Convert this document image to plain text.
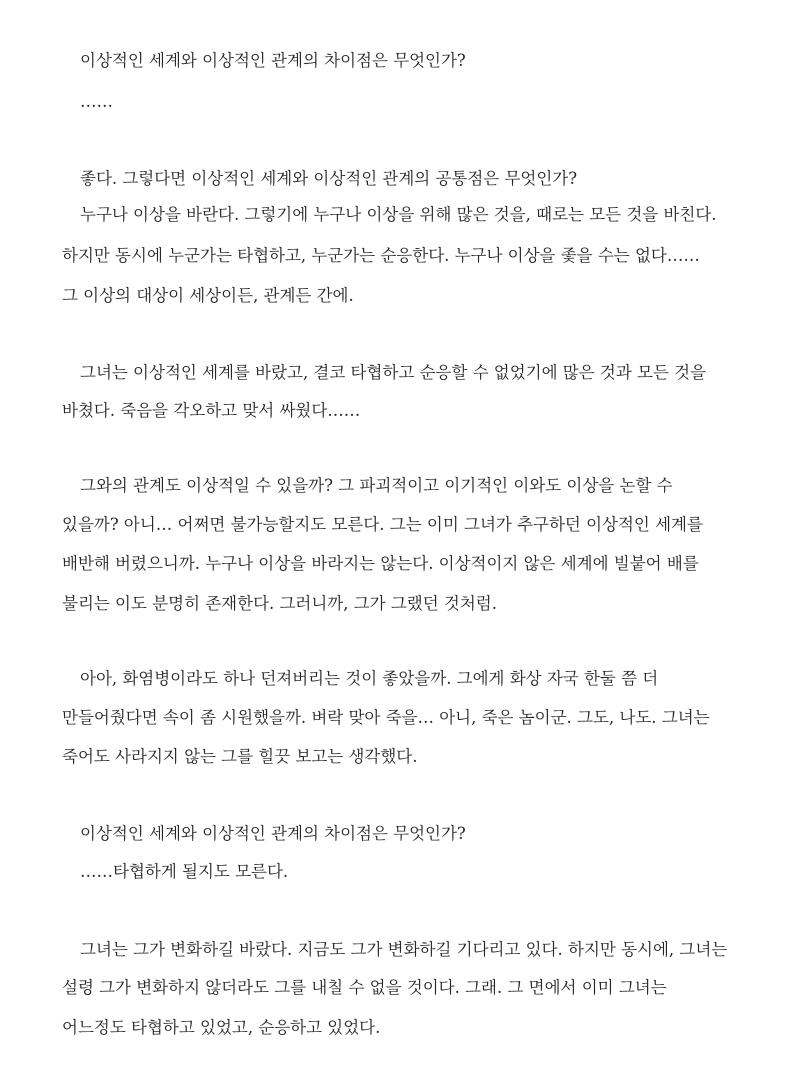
이상적인 세계와 이상적인 관계의 차이점은 무엇인가?
……
좋다. 그렇다면 이상적인 세계와 이상적인 관계의 공통점은 무엇인가?
누구나 이상을 바란다. 그렇기에 누구나 이상을 위해 많은 것을, 때로는 모든 것을 바친다.
하지만 동시에 누군가는 타협하고, 누군가는 순응한다. 누구나 이상을 좇을 수는 없다……
그 이상의 대상이 세상이든, 관계든 간에.
그녀는 이상적인 세계를 바랐고, 결코 타협하고 순응할 수 없었기에 많은 것과 모든 것을
바쳤다. 죽음을 각오하고 맞서 싸웠다……
그와의 관계도 이상적일 수 있을까? 그 파괴적이고 이기적인 이와도 이상을 논할 수
있을까? 아니… 어쩌면 불가능할지도 모른다. 그는 이미 그녀가 추구하던 이상적인 세계를
배반해 버렸으니까. 누구나 이상을 바라지는 않는다. 이상적이지 않은 세계에 빌붙어 배를
불리는 이도 분명히 존재한다. 그러니까, 그가 그랬던 것처럼.
아아, 화염병이라도 하나 던져버리는 것이 좋았을까. 그에게 화상 자국 한둘 쯤 더
만들어줬다면 속이 좀 시원했을까. 벼락 맞아 죽을… 아니, 죽은 놈이군. 그도, 나도. 그녀는
죽어도 사라지지 않는 그를 힐끗 보고는 생각했다.
이상적인 세계와 이상적인 관계의 차이점은 무엇인가?
……타협하게 될지도 모른다.
그녀는 그가 변화하길 바랐다. 지금도 그가 변화하길 기다리고 있다. 하지만 동시에, 그녀는
설령 그가 변화하지 않더라도 그를 내칠 수 없을 것이다. 그래. 그 면에서 이미 그녀는
어느정도 타협하고 있었고, 순응하고 있었다.
